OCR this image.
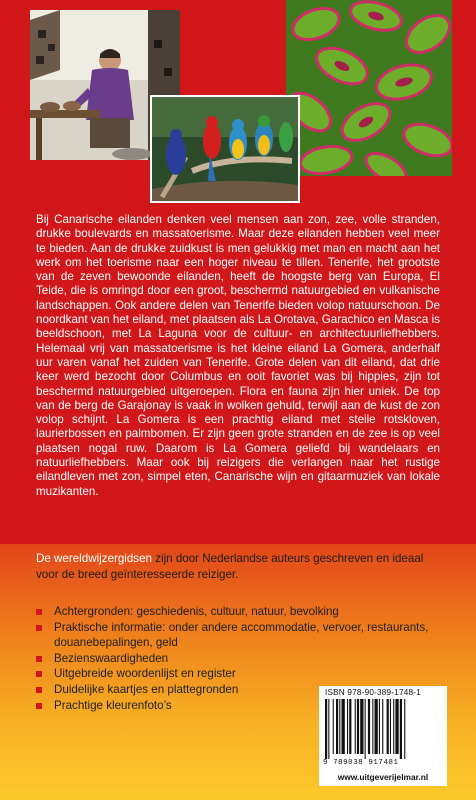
Bij Canarische eilanden denken veel mensen aan zon, zee, volle stranden, drukke boulevards en massatoerisme. Maar deze eilanden hebben veel meer te bieden. Aan de drukke zuidkust is men gelukkig met man en macht aan het werk om het toerisme naar een hoger niveau te tillen. Tenerife, het grootste van de zeven bewoonde eilanden, heeft de hoogste berg van Europa, El Teide, die is omringd door een groot, beschermd natuurgebied en vulkanische landschappen. Ook andere delen van Tenerife bieden volop natuurschoon. De noordkant van het eiland, met plaatsen als La Orotava, Garachico en Masca is beeldschoon, met La Laguna voor de cultuur- en architectuurliefhebbers. Helemaal vrij van massatoerisme is het kleine eiland La Gomera, anderhalf uur varen vanaf het zuiden van Tenerife. Grote delen van dit eiland, dat drie keer werd bezocht door Columbus en ooit favoriet was bij hippies, zijn tot beschermd natuurgebied uitgeroepen. Flora en fauna zijn hier uniek. De top van de berg de Garajonay is vaak in wolken gehuld, terwijl aan de kust de zon volop schijnt. La Gomera is een prachtig eiland met steile rotskloven, laurierbossen en palmbomen. Er zijn geen grote stranden en de zee is op veel plaatsen nogal ruw. Daarom is La Gomera geliefd bij wandelaars en natuurliefhebbers. Maar ook bij reizigers die verlangen naar het rustige eilandleven met zon, simpel eten, Canarische wijn en gitaarmuziek van lokale muzikanten.

De wereldwijzergidsen zijn door Nederlandse auteurs geschreven en ideaal voor de breed geïnteresseerde reiziger.

Achtergronden: geschiedenis, cultuur, natuur, bevolking
Praktische informatie: onder andere accommodatie, vervoer, restaurants, douanebepalingen, geld
Bezienswaardigheden
Uitgebreide woordenlijst en register
Duidelijke kaartjes en plattegronden
Prachtige kleurenfoto’s
ISBN 978-90-389-1748-1
9 789038 917481
www.uitgeverijelmar.nl
